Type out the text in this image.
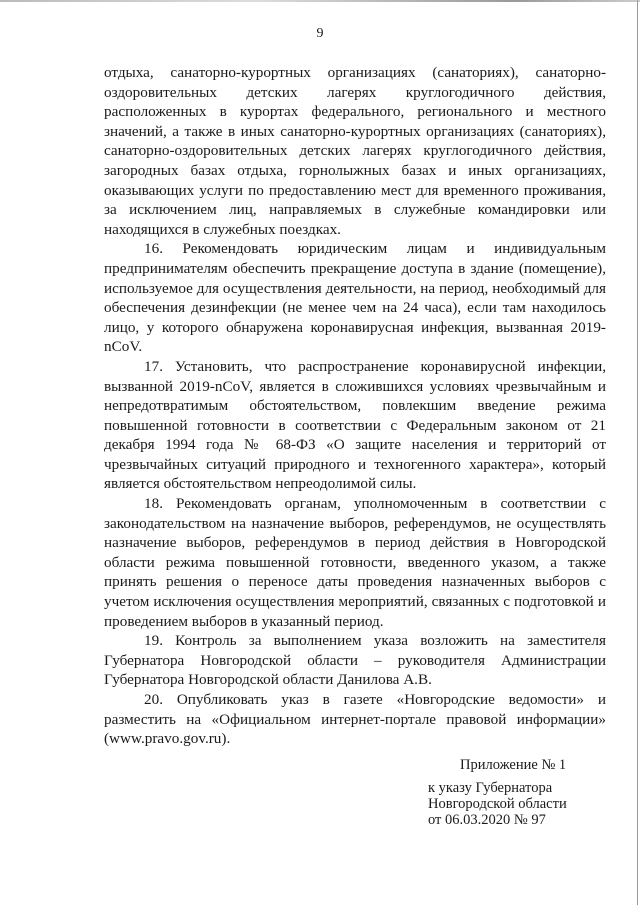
9

отдыха, санаторно-курортных организациях (санаториях), санаторно-оздоровительных детских лагерях круглогодичного действия, расположенных в курортах федерального, регионального и местного значений, а также в иных санаторно-курортных организациях (санаториях), санаторно-оздоровительных детских лагерях круглогодичного действия, загородных базах отдыха, горнолыжных базах и иных организациях, оказывающих услуги по предоставлению мест для временного проживания, за исключением лиц, направляемых в служебные командировки или находящихся в служебных поездках.

16. Рекомендовать юридическим лицам и индивидуальным предпринимателям обеспечить прекращение доступа в здание (помещение), используемое для осуществления деятельности, на период, необходимый для обеспечения дезинфекции (не менее чем на 24 часа), если там находилось лицо, у которого обнаружена коронавирусная инфекция, вызванная 2019-nCoV.

17. Установить, что распространение коронавирусной инфекции, вызванной 2019-nCoV, является в сложившихся условиях чрезвычайным и непредотвратимым обстоятельством, повлекшим введение режима повышенной готовности в соответствии с Федеральным законом от 21 декабря 1994 года № 68-ФЗ «О защите населения и территорий от чрезвычайных ситуаций природного и техногенного характера», который является обстоятельством непреодолимой силы.

18. Рекомендовать органам, уполномоченным в соответствии с законодательством на назначение выборов, референдумов, не осуществлять назначение выборов, референдумов в период действия в Новгородской области режима повышенной готовности, введенного указом, а также принять решения о переносе даты проведения назначенных выборов с учетом исключения осуществления мероприятий, связанных с подготовкой и проведением выборов в указанный период.

19. Контроль за выполнением указа возложить на заместителя Губернатора Новгородской области – руководителя Администрации Губернатора Новгородской области Данилова А.В.

20. Опубликовать указ в газете «Новгородские ведомости» и разместить на «Официальном интернет-портале правовой информации» (www.pravo.gov.ru).

Приложение № 1
к указу Губернатора
Новгородской области
от 06.03.2020 № 97
